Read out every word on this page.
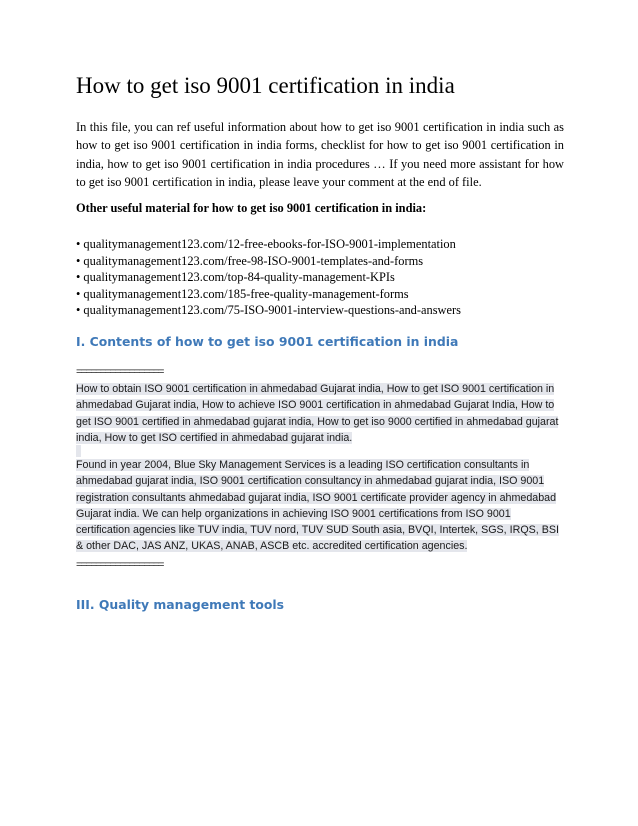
How to get iso 9001 certification in india

In this file, you can ref useful information about how to get iso 9001 certification in india such as how to get iso 9001 certification in india forms, checklist for how to get iso 9001 certification in india, how to get iso 9001 certification in india procedures … If you need more assistant for how to get iso 9001 certification in india, please leave your comment at the end of file.

Other useful material for how to get iso 9001 certification in india:

• qualitymanagement123.com/12-free-ebooks-for-ISO-9001-implementation
• qualitymanagement123.com/free-98-ISO-9001-templates-and-forms
• qualitymanagement123.com/top-84-quality-management-KPIs
• qualitymanagement123.com/185-free-quality-management-forms
• qualitymanagement123.com/75-ISO-9001-interview-questions-and-answers
I. Contents of how to get iso 9001 certification in india
==================

How to obtain ISO 9001 certification in ahmedabad Gujarat india, How to get ISO 9001 certification in ahmedabad Gujarat india, How to achieve ISO 9001 certification in ahmedabad Gujarat India, How to get ISO 9001 certified in ahmedabad gujarat india, How to get iso 9000 certified in ahmedabad gujarat india, How to get ISO certified in ahmedabad gujarat india.

Found in year 2004, Blue Sky Management Services is a leading ISO certification consultants in ahmedabad gujarat india, ISO 9001 certification consultancy in ahmedabad gujarat india, ISO 9001 registration consultants ahmedabad gujarat india, ISO 9001 certificate provider agency in ahmedabad Gujarat india. We can help organizations in achieving ISO 9001 certifications from ISO 9001 certification agencies like TUV india, TUV nord, TUV SUD South asia, BVQI, Intertek, SGS, IRQS, BSI & other DAC, JAS ANZ, UKAS, ANAB, ASCB etc. accredited certification agencies.

==================
III. Quality management tools
